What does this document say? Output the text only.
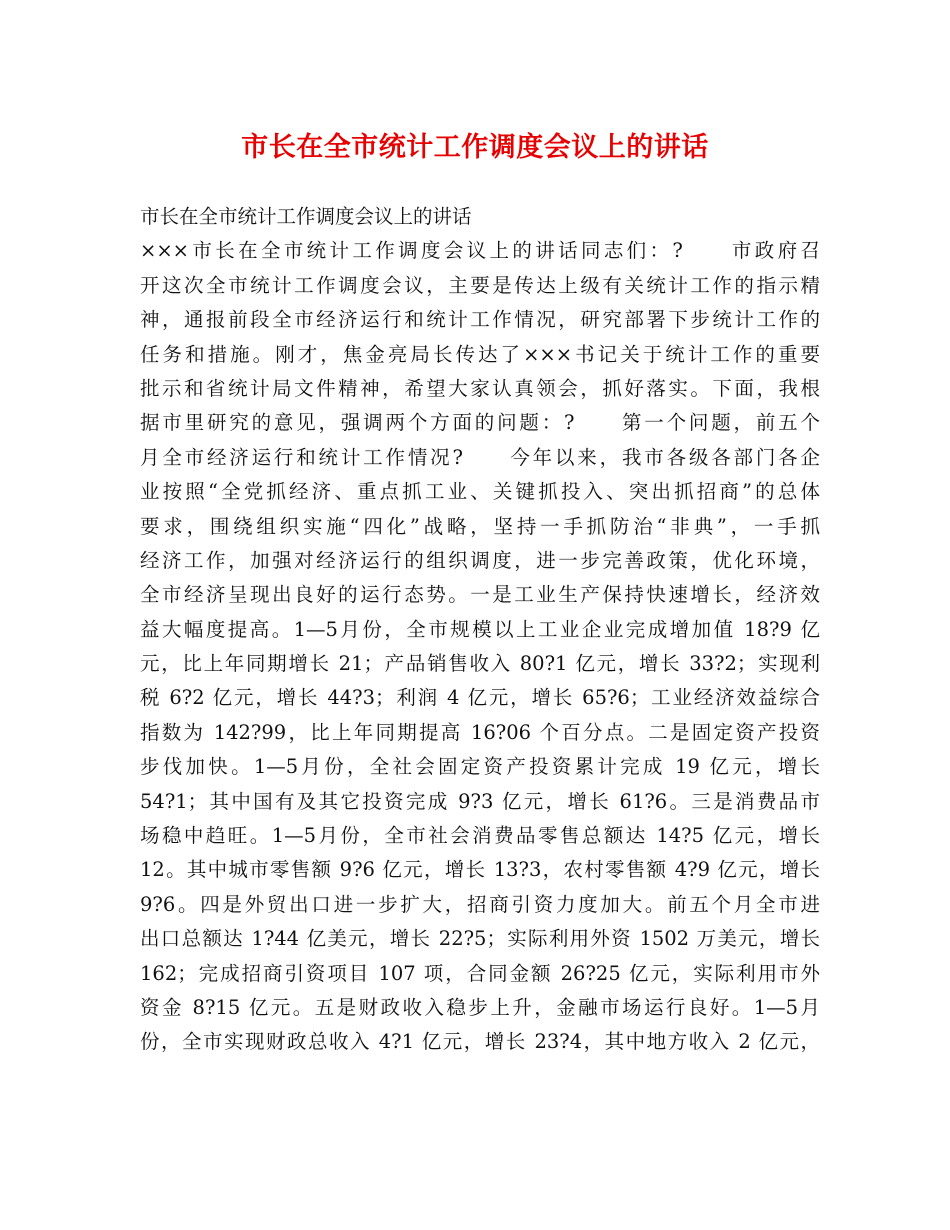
市长在全市统计工作调度会议上的讲话
市长在全市统计工作调度会议上的讲话
×××市长在全市统计工作调度会议上的讲话同志们：?　　市政府召
开这次全市统计工作调度会议，主要是传达上级有关统计工作的指示精
神，通报前段全市经济运行和统计工作情况，研究部署下步统计工作的
任务和措施。刚才，焦金亮局长传达了×××书记关于统计工作的重要
批示和省统计局文件精神，希望大家认真领会，抓好落实。下面，我根
据市里研究的意见，强调两个方面的问题：?　　第一个问题，前五个
月全市经济运行和统计工作情况?　　今年以来，我市各级各部门各企
业按照“全党抓经济、重点抓工业、关键抓投入、突出抓招商”的总体
要求，围绕组织实施“四化”战略，坚持一手抓防治“非典”，一手抓
经济工作，加强对经济运行的组织调度，进一步完善政策，优化环境，
全市经济呈现出良好的运行态势。一是工业生产保持快速增长，经济效
益大幅度提高。1—5月份，全市规模以上工业企业完成增加值 18?9 亿
元，比上年同期增长 21；产品销售收入 80?1 亿元，增长 33?2；实现利
税 6?2 亿元，增长 44?3；利润 4 亿元，增长 65?6；工业经济效益综合
指数为 142?99，比上年同期提高 16?06 个百分点。二是固定资产投资
步伐加快。1—5月份，全社会固定资产投资累计完成 19 亿元，增长
54?1；其中国有及其它投资完成 9?3 亿元，增长 61?6。三是消费品市
场稳中趋旺。1—5月份，全市社会消费品零售总额达 14?5 亿元，增长
12。其中城市零售额 9?6 亿元，增长 13?3，农村零售额 4?9 亿元，增长
9?6。四是外贸出口进一步扩大，招商引资力度加大。前五个月全市进
出口总额达 1?44 亿美元，增长 22?5；实际利用外资 1502 万美元，增长
162；完成招商引资项目 107 项，合同金额 26?25 亿元，实际利用市外
资金 8?15 亿元。五是财政收入稳步上升，金融市场运行良好。1—5月
份，全市实现财政总收入 4?1 亿元，增长 23?4，其中地方收入 2 亿元，
